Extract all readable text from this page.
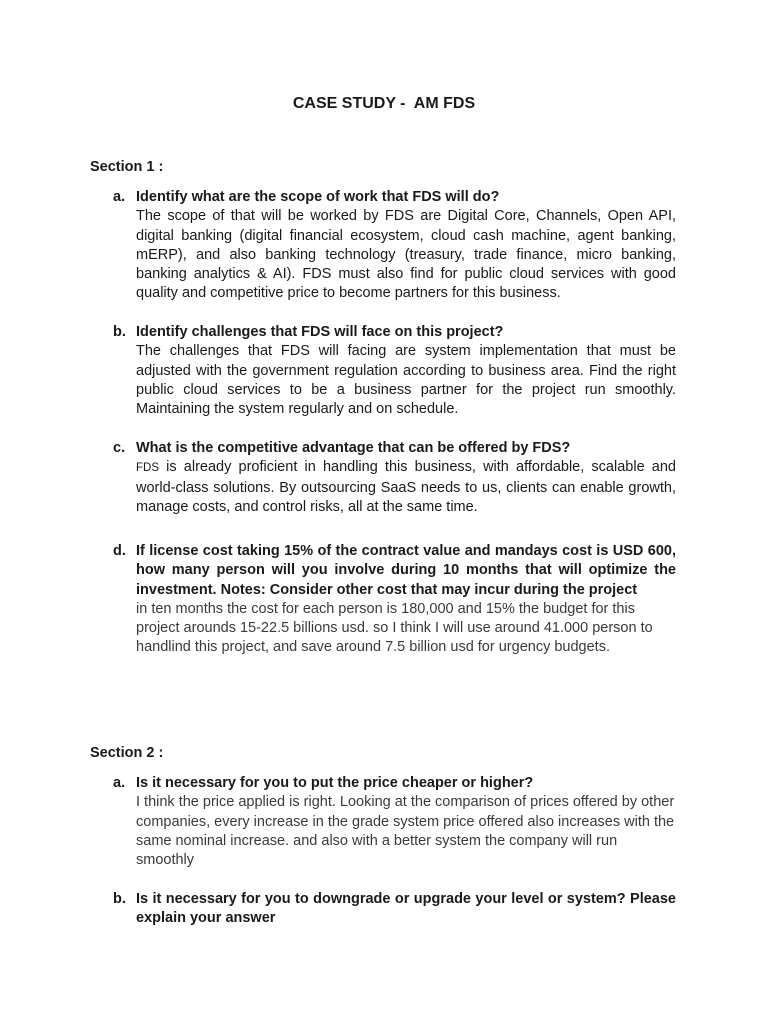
CASE STUDY -  AM FDS
Section 1 :
a. Identify what are the scope of work that FDS will do?
The scope of that will be worked by FDS are Digital Core, Channels, Open API, digital banking (digital financial ecosystem, cloud cash machine, agent banking, mERP), and also banking technology (treasury, trade finance, micro banking, banking analytics & AI). FDS must also find for public cloud services with good quality and competitive price to become partners for this business.
b. Identify challenges that FDS will face on this project?
The challenges that FDS will facing are system implementation that must be adjusted with the government regulation according to business area. Find the right public cloud services to be a business partner for the project run smoothly. Maintaining the system regularly and on schedule.
c. What is the competitive advantage that can be offered by FDS?
FDS is already proficient in handling this business, with affordable, scalable and world-class solutions. By outsourcing SaaS needs to us, clients can enable growth, manage costs, and control risks, all at the same time.
d. If license cost taking 15% of the contract value and mandays cost is USD 600, how many person will you involve during 10 months that will optimize the investment. Notes: Consider other cost that may incur during the project
in ten months the cost for each person is 180,000 and 15% the budget for this project arounds 15-22.5 billions usd. so I think I will use around 41.000 person to handlind this project, and save around 7.5 billion usd for urgency budgets.
Section 2 :
a. Is it necessary for you to put the price cheaper or higher?
I think the price applied is right. Looking at the comparison of prices offered by other companies, every increase in the grade system price offered also increases with the same nominal increase. and also with a better system the company will run smoothly
b. Is it necessary for you to downgrade or upgrade your level or system? Please explain your answer
